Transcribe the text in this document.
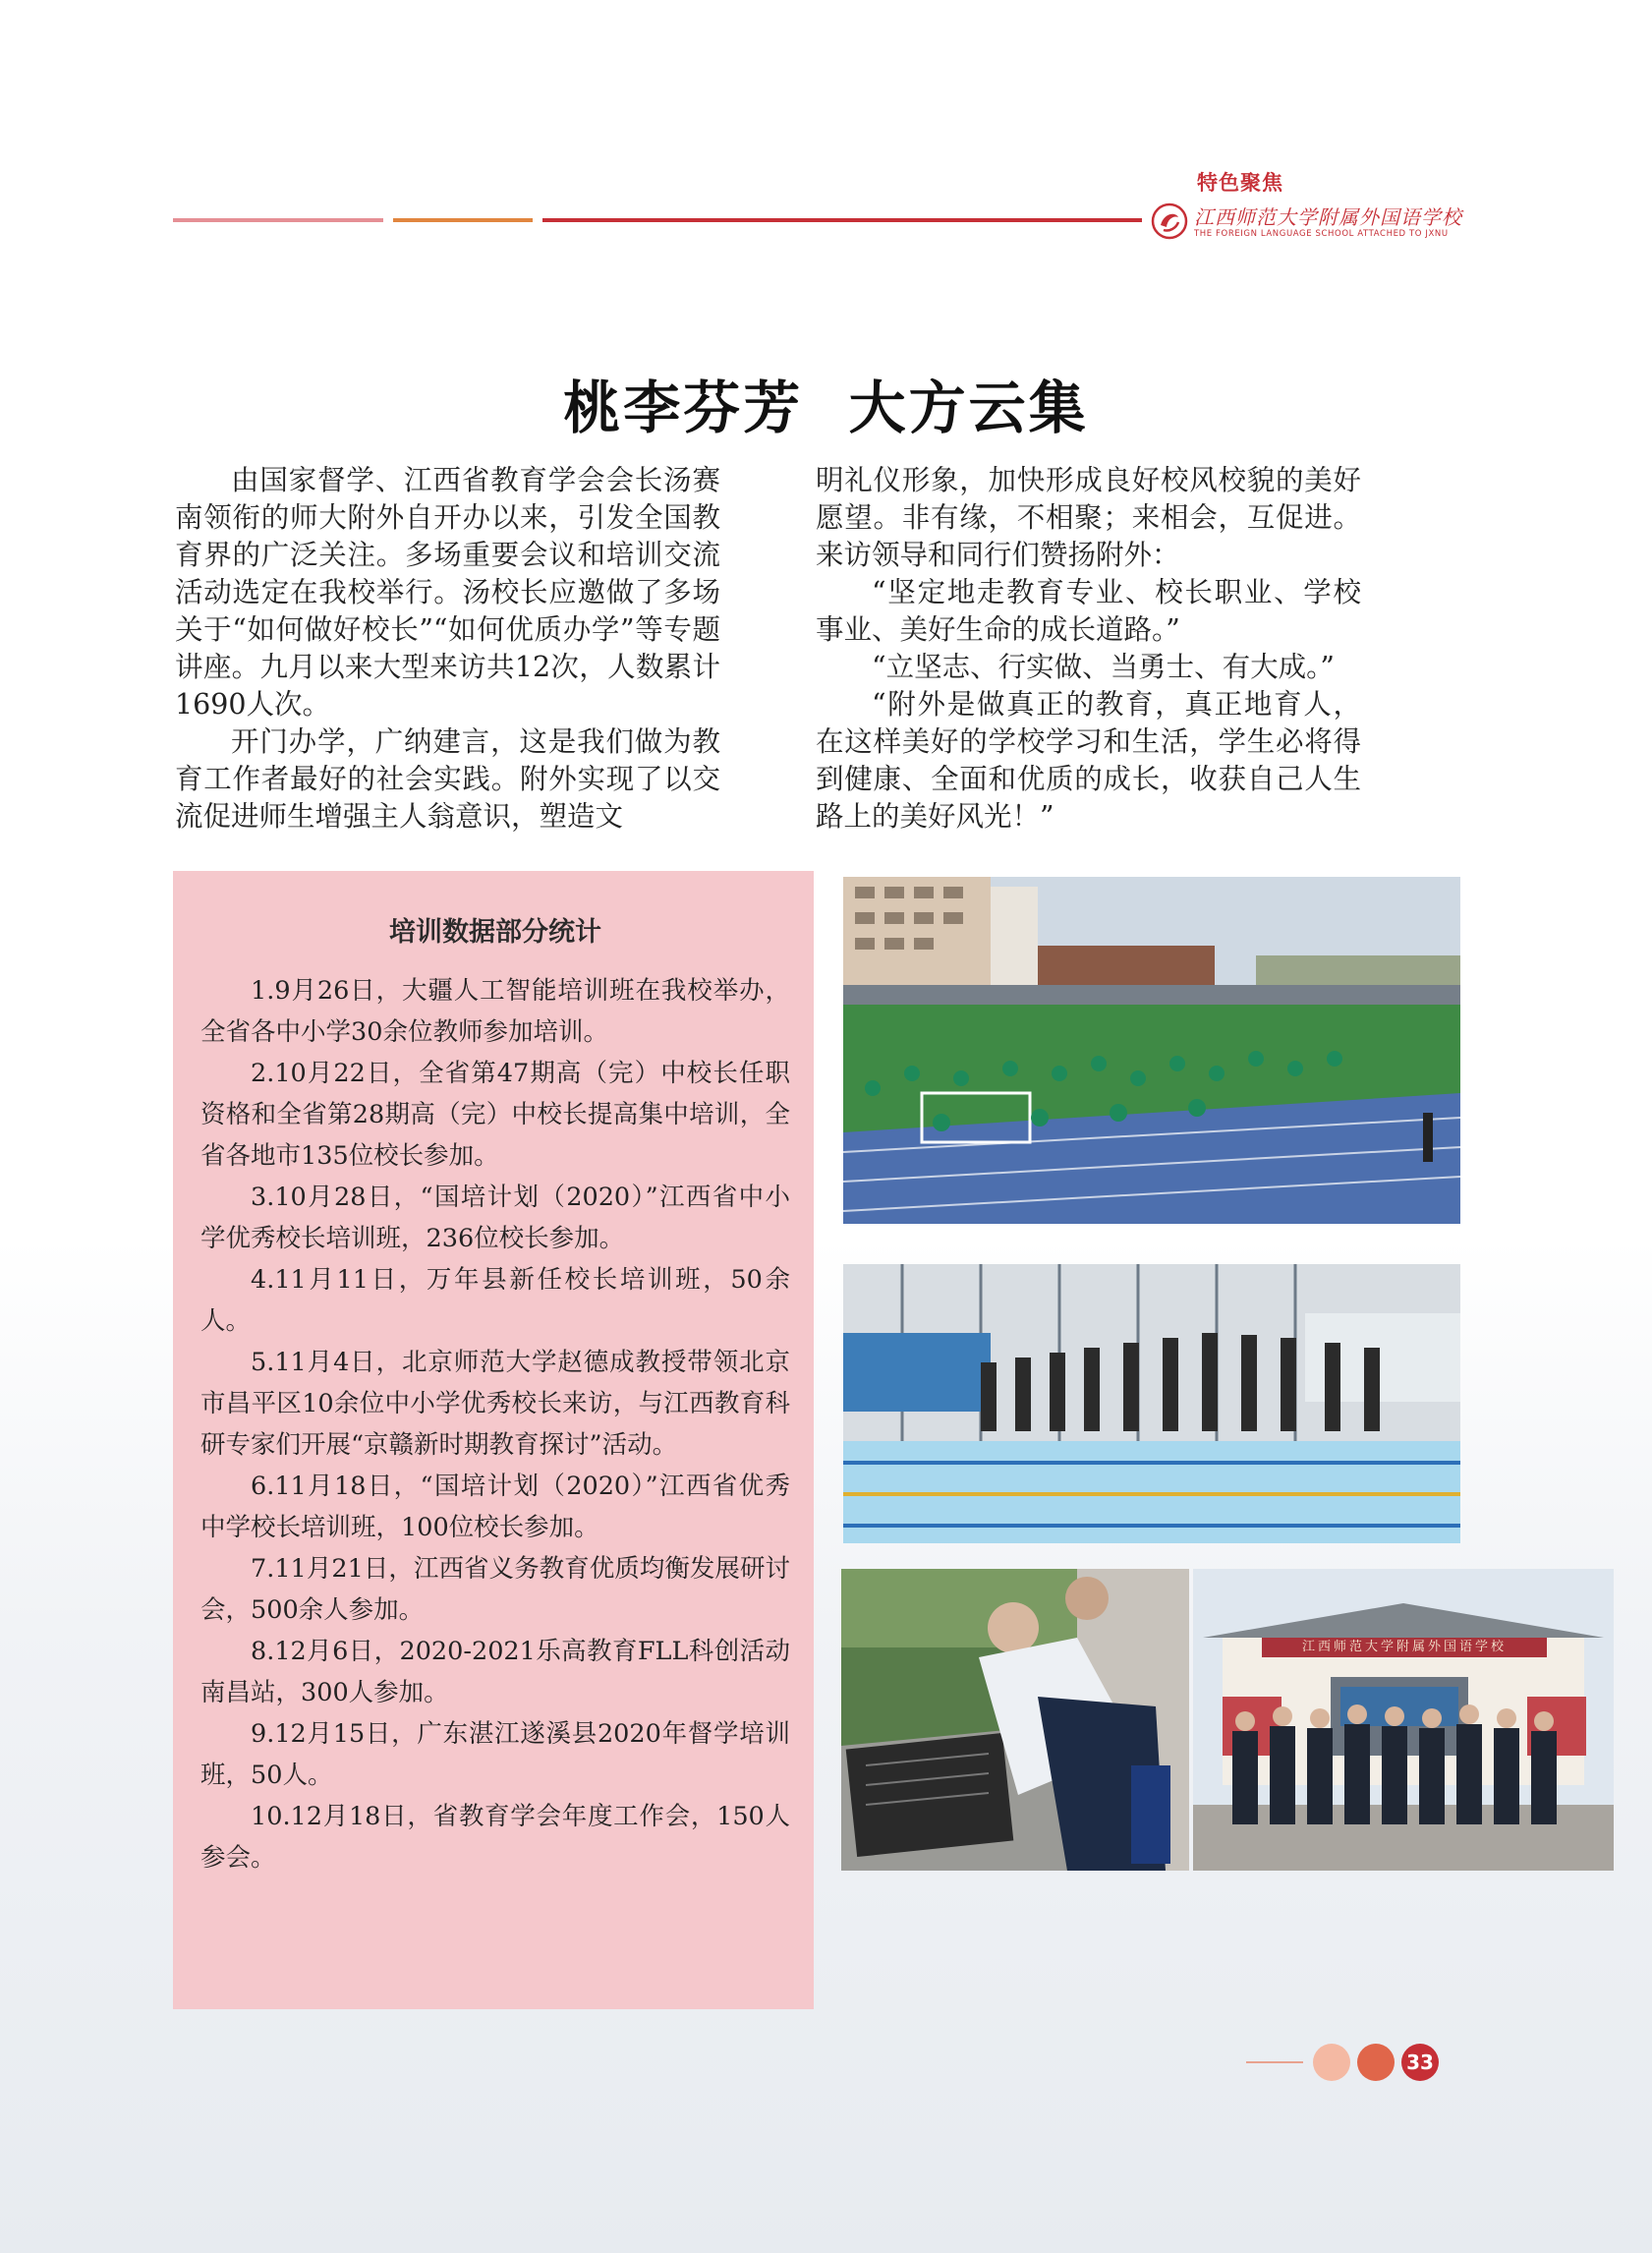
特色聚焦
江西师范大学附属外国语学校
THE FOREIGN LANGUAGE SCHOOL ATTACHED TO JXNU
桃李芬芳  大方云集

由国家督学、江西省教育学会会长汤赛南领衔的师大附外自开办以来，引发全国教育界的广泛关注。多场重要会议和培训交流活动选定在我校举行。汤校长应邀做了多场关于“如何做好校长”“如何优质办学”等专题讲座。九月以来大型来访共12次，人数累计1690人次。

开门办学，广纳建言，这是我们做为教育工作者最好的社会实践。附外实现了以交流促进师生增强主人翁意识，塑造文

明礼仪形象，加快形成良好校风校貌的美好愿望。非有缘，不相聚；来相会，互促进。来访领导和同行们赞扬附外：

“坚定地走教育专业、校长职业、学校事业、美好生命的成长道路。”

“立坚志、行实做、当勇士、有大成。”

“附外是做真正的教育，真正地育人，在这样美好的学校学习和生活，学生必将得到健康、全面和优质的成长，收获自己人生路上的美好风光！”

培训数据部分统计

1.9月26日，大疆人工智能培训班在我校举办，全省各中小学30余位教师参加培训。

2.10月22日，全省第47期高（完）中校长任职资格和全省第28期高（完）中校长提高集中培训，全省各地市135位校长参加。

3.10月28日，“国培计划（2020）”江西省中小学优秀校长培训班，236位校长参加。

4.11月11日，万年县新任校长培训班，50余人。

5.11月4日，北京师范大学赵德成教授带领北京市昌平区10余位中小学优秀校长来访，与江西教育科研专家们开展“京赣新时期教育探讨”活动。

6.11月18日，“国培计划（2020）”江西省优秀中学校长培训班，100位校长参加。

7.11月21日，江西省义务教育优质均衡发展研讨会，500余人参加。

8.12月6日，2020-2021乐高教育FLL科创活动南昌站，300人参加。

9.12月15日，广东湛江遂溪县2020年督学培训班，50人。

10.12月18日，省教育学会年度工作会，150人参会。

江西师范大学附属外国语学校
33
